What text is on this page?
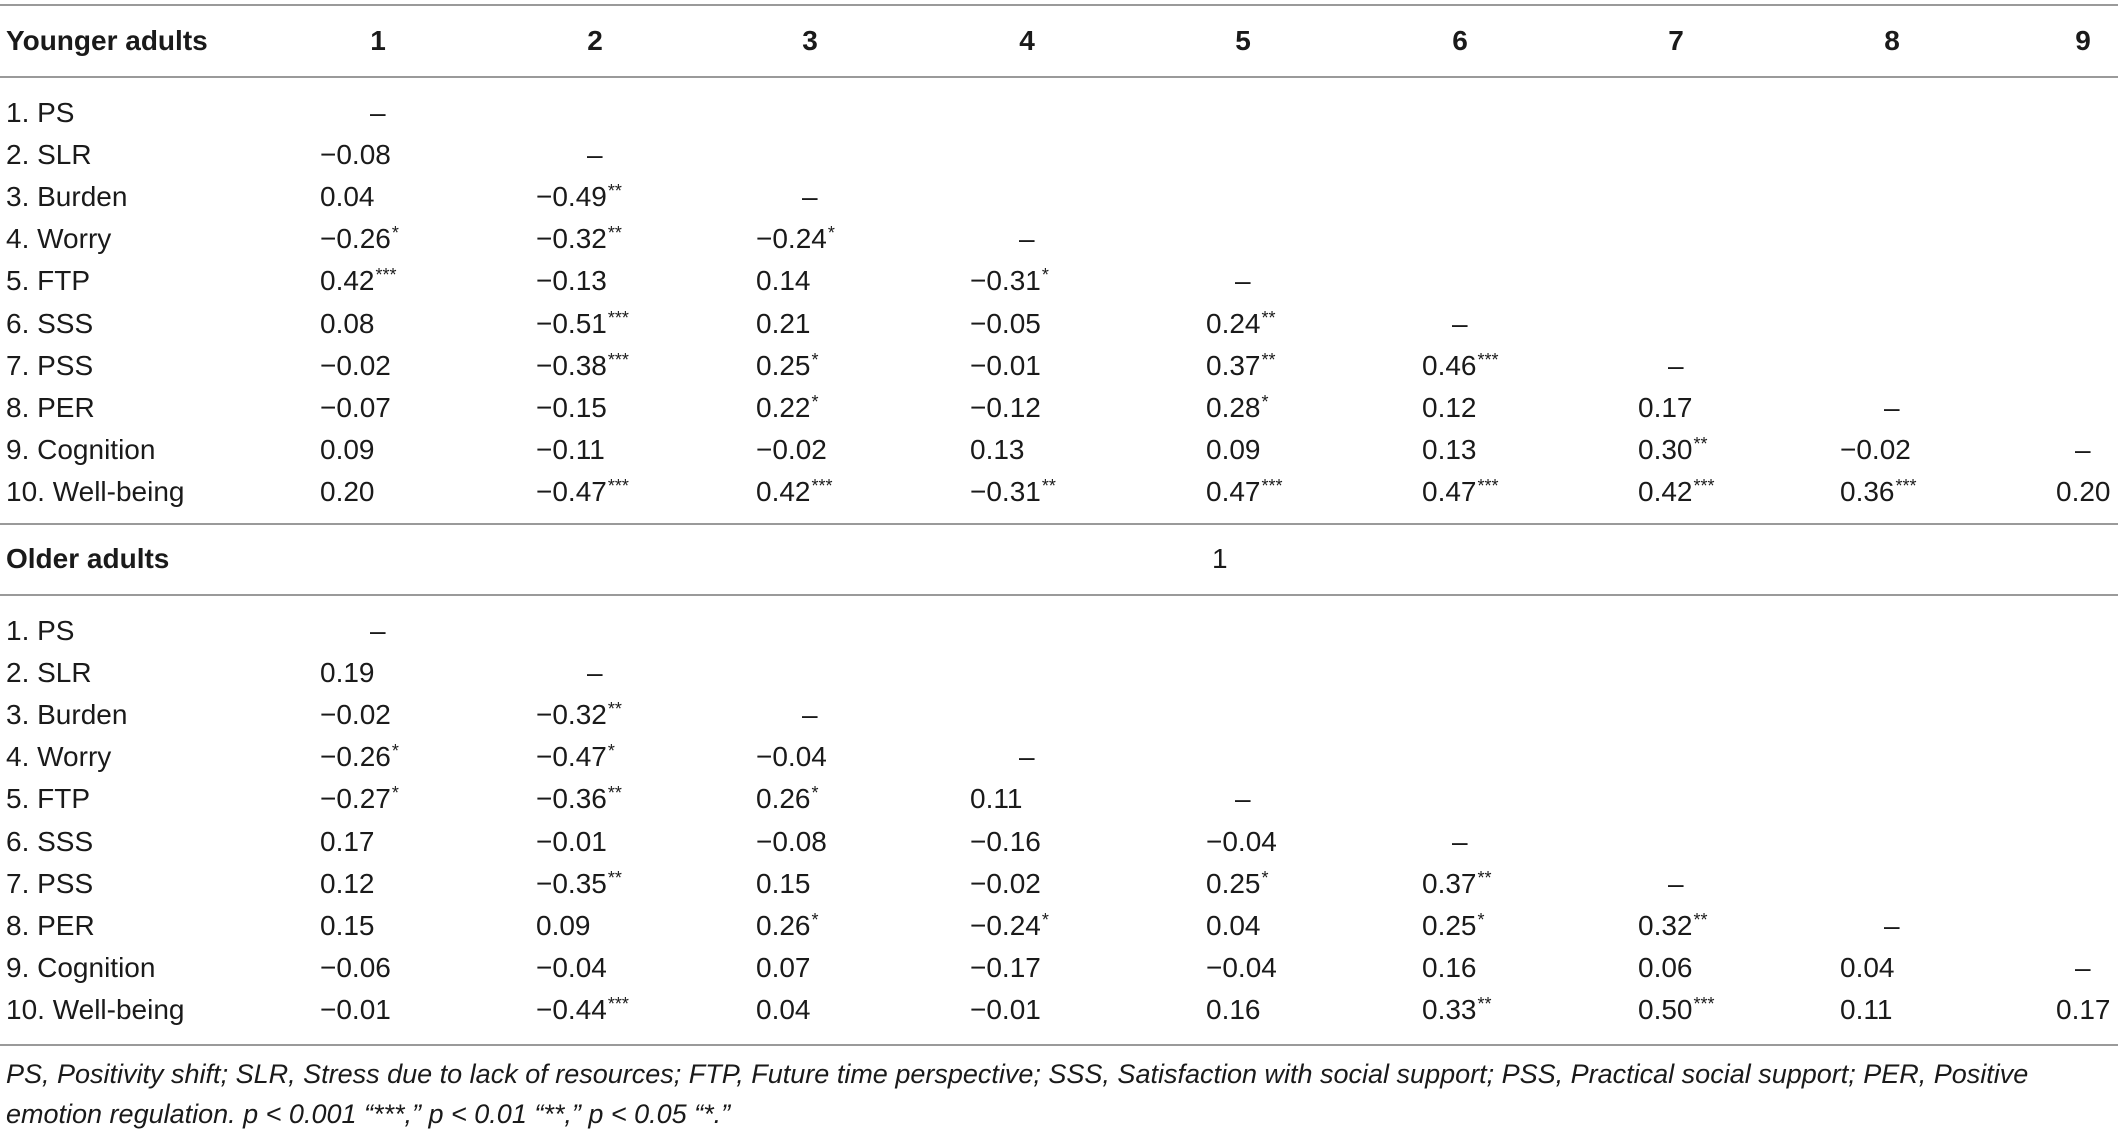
Younger adults	1	2	3	4	5	6	7	8	9
1. PS	–
2. SLR	−0.08	–
3. Burden	0.04	−0.49**	–
4. Worry	−0.26*	−0.32**	−0.24*	–
5. FTP	0.42***	−0.13	0.14	−0.31*	–
6. SSS	0.08	−0.51***	0.21	−0.05	0.24**	–
7. PSS	−0.02	−0.38***	0.25*	−0.01	0.37**	0.46***	–
8. PER	−0.07	−0.15	0.22*	−0.12	0.28*	0.12	0.17	–
9. Cognition	0.09	−0.11	−0.02	0.13	0.09	0.13	0.30**	−0.02	–
10. Well-being	0.20	−0.47***	0.42***	−0.31**	0.47***	0.47***	0.42***	0.36***	0.20
Older adults	1
1. PS	–
2. SLR	0.19	–
3. Burden	−0.02	−0.32**	–
4. Worry	−0.26*	−0.47*	−0.04	–
5. FTP	−0.27*	−0.36**	0.26*	0.11	–
6. SSS	0.17	−0.01	−0.08	−0.16	−0.04	–
7. PSS	0.12	−0.35**	0.15	−0.02	0.25*	0.37**	–
8. PER	0.15	0.09	0.26*	−0.24*	0.04	0.25*	0.32**	–
9. Cognition	−0.06	−0.04	0.07	−0.17	−0.04	0.16	0.06	0.04	–
10. Well-being	−0.01	−0.44***	0.04	−0.01	0.16	0.33**	0.50***	0.11	0.17
PS, Positivity shift; SLR, Stress due to lack of resources; FTP, Future time perspective; SSS, Satisfaction with social support; PSS, Practical social support; PER, Positive emotion regulation. p < 0.001 “***,” p < 0.01 “**,” p < 0.05 “*.”
